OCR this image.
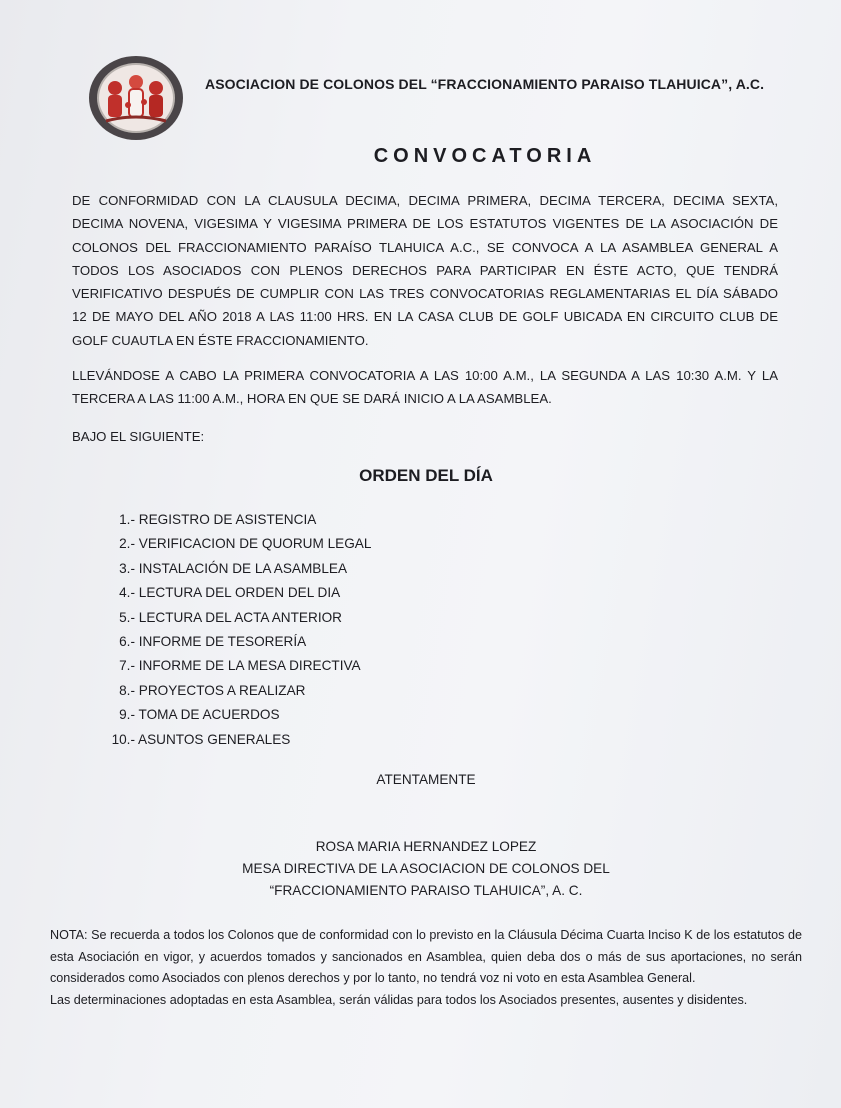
ASOCIACION DE COLONOS DEL “FRACCIONAMIENTO PARAISO TLAHUICA”, A.C.
CONVOCATORIA
DE CONFORMIDAD CON LA CLAUSULA DECIMA, DECIMA PRIMERA, DECIMA TERCERA, DECIMA SEXTA, DECIMA NOVENA, VIGESIMA Y VIGESIMA PRIMERA DE LOS ESTATUTOS VIGENTES DE LA ASOCIACIÓN DE COLONOS DEL FRACCIONAMIENTO PARAÍSO TLAHUICA A.C., SE CONVOCA A LA ASAMBLEA GENERAL A TODOS LOS ASOCIADOS CON PLENOS DERECHOS PARA PARTICIPAR EN ÉSTE ACTO, QUE TENDRÁ VERIFICATIVO DESPUÉS DE CUMPLIR CON LAS TRES CONVOCATORIAS REGLAMENTARIAS EL DÍA SÁBADO 12 DE MAYO DEL AÑO 2018 A LAS 11:00 HRS. EN LA CASA CLUB DE GOLF UBICADA EN CIRCUITO CLUB DE GOLF CUAUTLA EN ÉSTE FRACCIONAMIENTO.
LLEVÁNDOSE A CABO LA PRIMERA CONVOCATORIA A LAS 10:00 A.M., LA SEGUNDA A LAS 10:30 A.M. Y LA TERCERA A LAS 11:00 A.M., HORA EN QUE SE DARÁ INICIO A LA ASAMBLEA.
BAJO EL SIGUIENTE:
ORDEN DEL DÍA
1.- REGISTRO DE ASISTENCIA
2.- VERIFICACION DE QUORUM LEGAL
3.- INSTALACIÓN DE LA ASAMBLEA
4.- LECTURA DEL ORDEN DEL DIA
5.- LECTURA DEL ACTA ANTERIOR
6.- INFORME DE TESORERÍA
7.- INFORME DE LA MESA DIRECTIVA
8.- PROYECTOS A REALIZAR
9.- TOMA DE ACUERDOS
10.- ASUNTOS GENERALES
ATENTAMENTE
ROSA MARIA HERNANDEZ LOPEZ
MESA DIRECTIVA DE LA ASOCIACION DE COLONOS DEL
“FRACCIONAMIENTO PARAISO TLAHUICA”, A. C.
NOTA: Se recuerda a todos los Colonos que de conformidad con lo previsto en la Cláusula Décima Cuarta Inciso K de los estatutos de esta Asociación en vigor, y acuerdos tomados y sancionados en Asamblea, quien deba dos o más de sus aportaciones, no serán considerados como Asociados con plenos derechos y por lo tanto, no tendrá voz ni voto en esta Asamblea General.
Las determinaciones adoptadas en esta Asamblea, serán válidas para todos los Asociados presentes, ausentes y disidentes.
